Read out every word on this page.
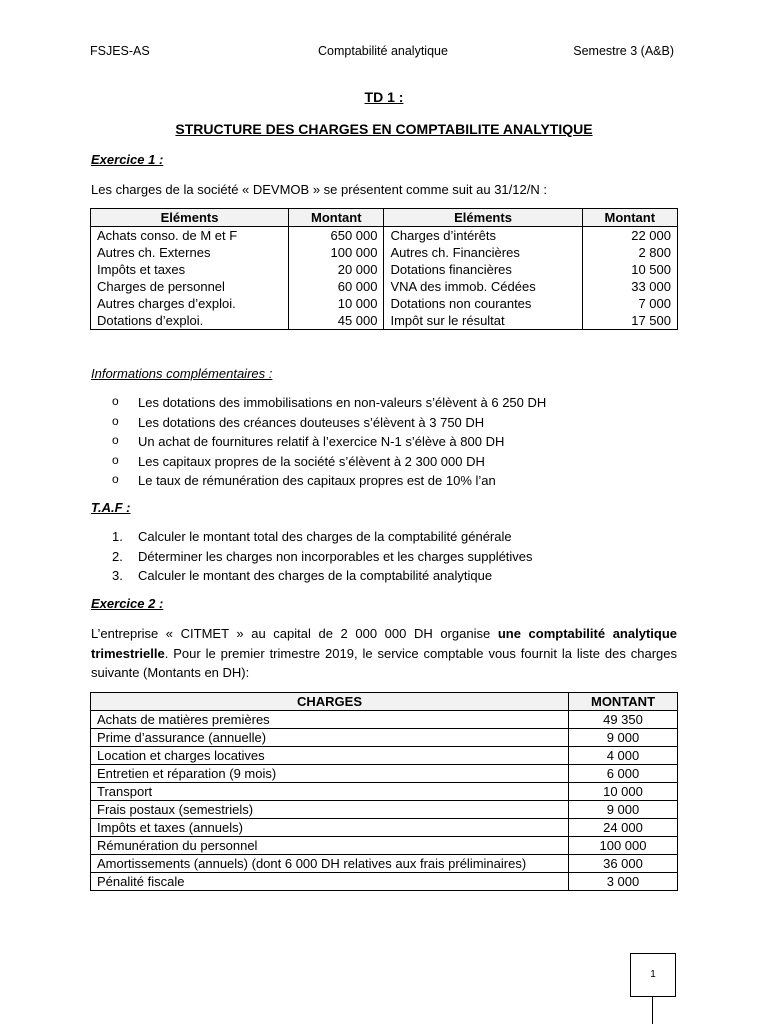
FSJES-AS	Comptabilité analytique	Semestre 3 (A&B)
TD 1 :
STRUCTURE DES CHARGES EN COMPTABILITE ANALYTIQUE
Exercice 1 :
Les charges de la société « DEVMOB » se présentent comme suit au 31/12/N :
Eléments	Montant	Eléments	Montant
Achats conso. de M et F	650 000	Charges d’intérêts	22 000
Autres ch. Externes	100 000	Autres ch. Financières	2 800
Impôts et taxes	20 000	Dotations financières	10 500
Charges de personnel	60 000	VNA des immob. Cédées	33 000
Autres charges d’exploi.	10 000	Dotations non courantes	7 000
Dotations d’exploi.	45 000	Impôt sur le résultat	17 500
Informations complémentaires :
o Les dotations des immobilisations en non-valeurs s’élèvent à 6 250 DH
o Les dotations des créances douteuses s’élèvent à 3 750 DH
o Un achat de fournitures relatif à l’exercice N-1 s’élève à 800 DH
o Les capitaux propres de la société s’élèvent à 2 300 000 DH
o Le taux de rémunération des capitaux propres est de 10% l’an
T.A.F :
1. Calculer le montant total des charges de la comptabilité générale
2. Déterminer les charges non incorporables et les charges supplétives
3. Calculer le montant des charges de la comptabilité analytique
Exercice 2 :
L’entreprise « CITMET » au capital de 2 000 000 DH organise une comptabilité analytique trimestrielle. Pour le premier trimestre 2019, le service comptable vous fournit la liste des charges suivante (Montants en DH):
CHARGES	MONTANT
Achats de matières premières	49 350
Prime d’assurance (annuelle)	9 000
Location et charges locatives	4 000
Entretien et réparation (9 mois)	6 000
Transport	10 000
Frais postaux (semestriels)	9 000
Impôts et taxes (annuels)	24 000
Rémunération du personnel	100 000
Amortissements (annuels) (dont 6 000 DH relatives aux frais préliminaires)	36 000
Pénalité fiscale	3 000
1
